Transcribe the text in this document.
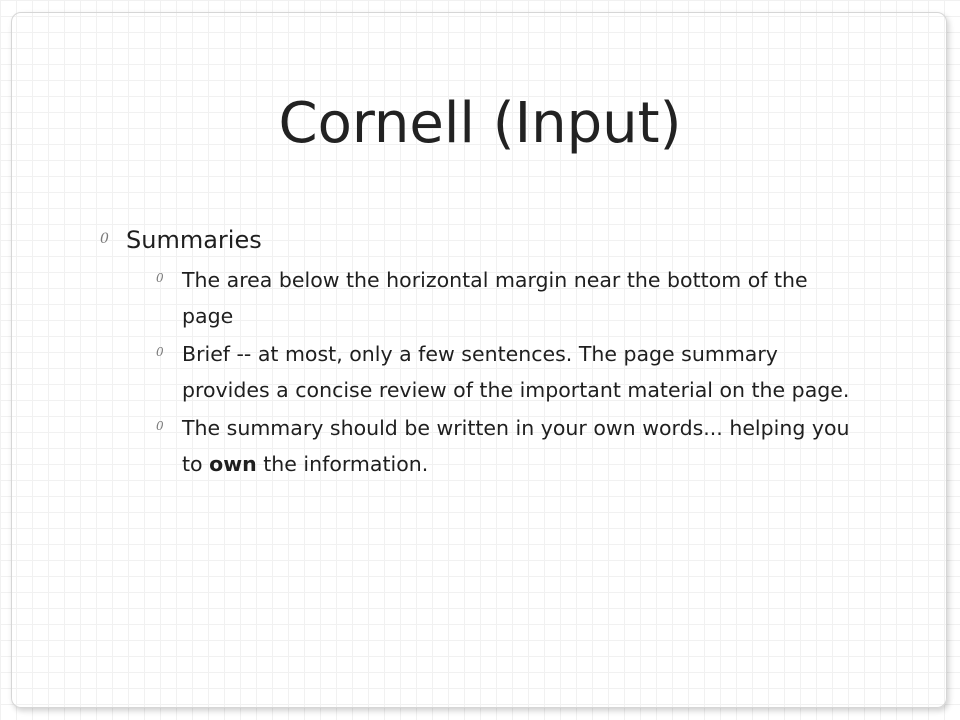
Cornell (Input)
0 Summaries
0 The area below the horizontal margin near the bottom of the page
0 Brief -- at most, only a few sentences. The page summary provides a concise review of the important material on the page.
0 The summary should be written in your own words... helping you to own the information.
